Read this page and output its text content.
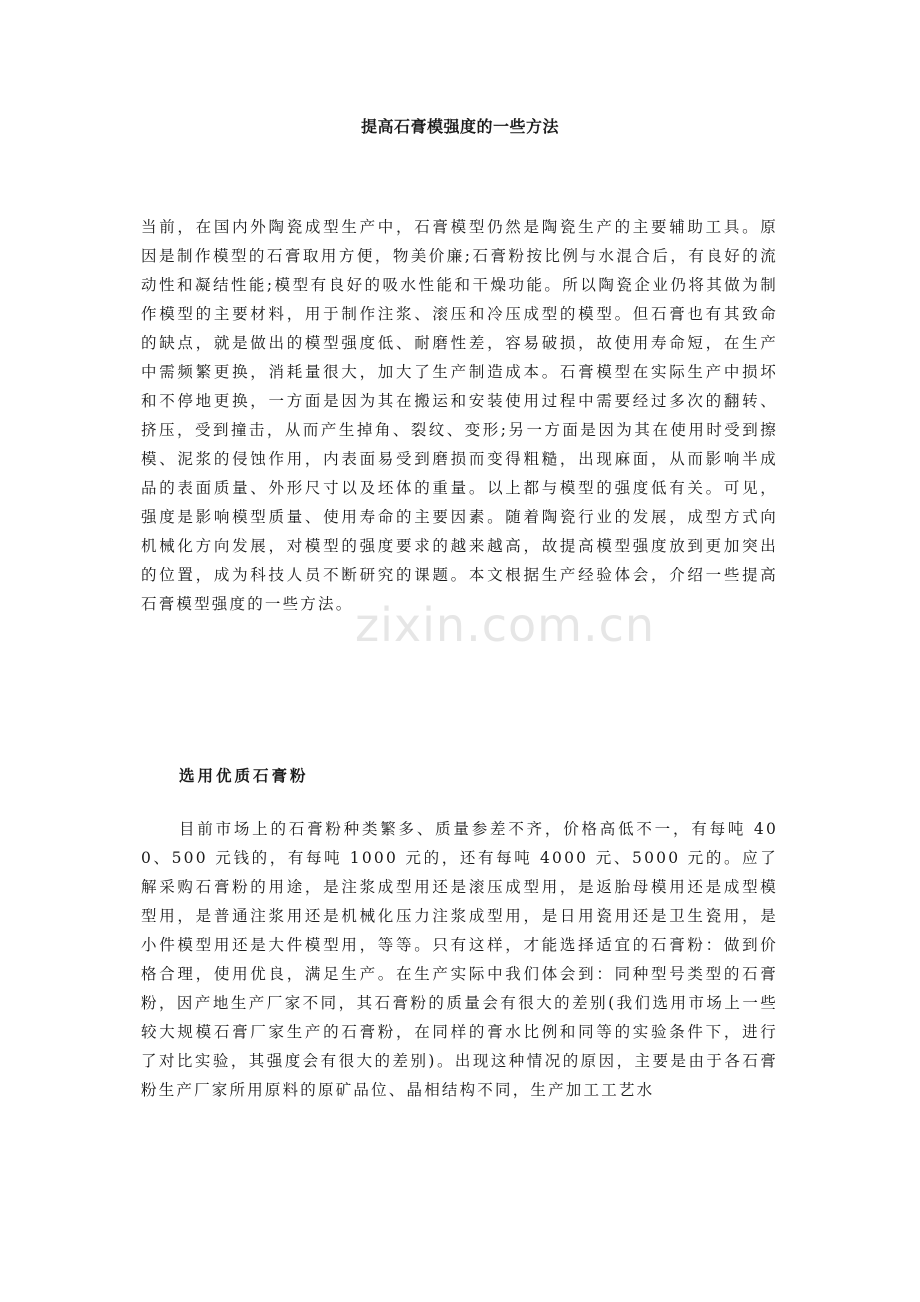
zixin.com.cn
提高石膏模强度的一些方法

当前，在国内外陶瓷成型生产中，石膏模型仍然是陶瓷生产的主要辅助工具。原因是制作模型的石膏取用方便，物美价廉;石膏粉按比例与水混合后，有良好的流动性和凝结性能;模型有良好的吸水性能和干燥功能。所以陶瓷企业仍将其做为制作模型的主要材料，用于制作注浆、滚压和冷压成型的模型。但石膏也有其致命的缺点，就是做出的模型强度低、耐磨性差，容易破损，故使用寿命短，在生产中需频繁更换，消耗量很大，加大了生产制造成本。石膏模型在实际生产中损坏和不停地更换，一方面是因为其在搬运和安装使用过程中需要经过多次的翻转、挤压，受到撞击，从而产生掉角、裂纹、变形;另一方面是因为其在使用时受到擦模、泥浆的侵蚀作用，内表面易受到磨损而变得粗糙，出现麻面，从而影响半成品的表面质量、外形尺寸以及坯体的重量。以上都与模型的强度低有关。可见，强度是影响模型质量、使用寿命的主要因素。随着陶瓷行业的发展，成型方式向机械化方向发展，对模型的强度要求的越来越高，故提高模型强度放到更加突出的位置，成为科技人员不断研究的课题。本文根据生产经验体会，介绍一些提高石膏模型强度的一些方法。

选用优质石膏粉

目前市场上的石膏粉种类繁多、质量参差不齐，价格高低不一，有每吨 400、500 元钱的，有每吨 1000 元的，还有每吨 4000 元、5000 元的。应了解采购石膏粉的用途，是注浆成型用还是滚压成型用，是返胎母模用还是成型模型用，是普通注浆用还是机械化压力注浆成型用，是日用瓷用还是卫生瓷用，是小件模型用还是大件模型用，等等。只有这样，才能选择适宜的石膏粉：做到价格合理，使用优良，满足生产。在生产实际中我们体会到：同种型号类型的石膏粉，因产地生产厂家不同，其石膏粉的质量会有很大的差别(我们选用市场上一些较大规模石膏厂家生产的石膏粉，在同样的膏水比例和同等的实验条件下，进行了对比实验，其强度会有很大的差别)。出现这种情况的原因，主要是由于各石膏粉生产厂家所用原料的原矿品位、晶相结构不同，生产加工工艺水
